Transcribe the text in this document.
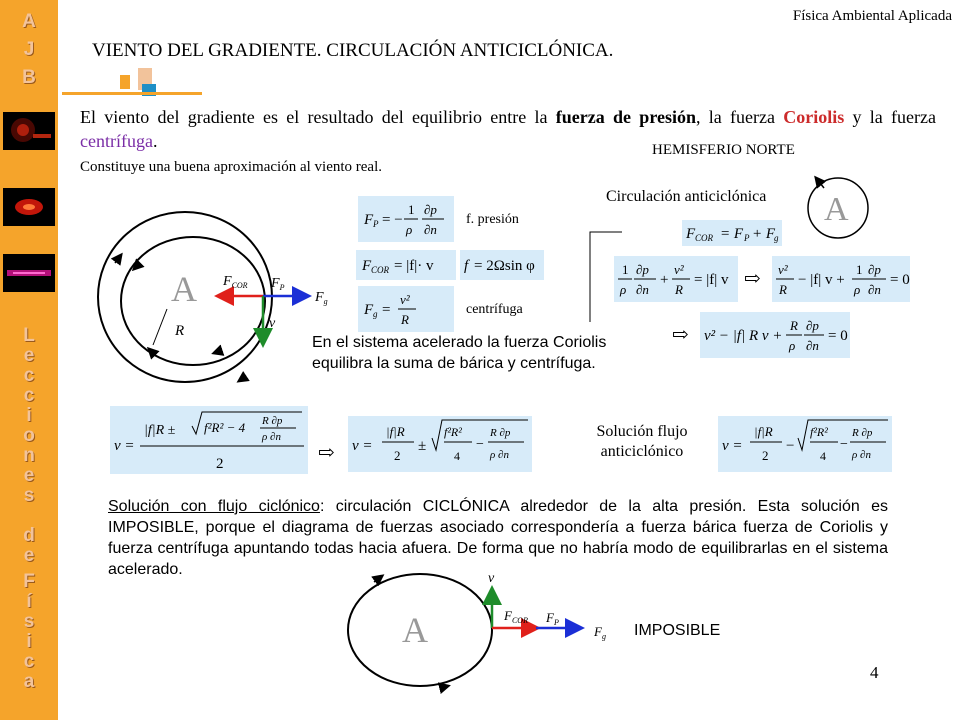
A
J
B
L
e
c
c
i
o
n
e
s
d
e
F
í
s
i
c
a
Física Ambiental Aplicada
VIENTO DEL GRADIENTE. CIRCULACIÓN ANTICICLÓNICA.
El viento del gradiente es el resultado del equilibrio entre la fuerza de presión, la fuerza Coriolis y la fuerza centrífuga.
Constituye una buena aproximación al viento real.
HEMISFERIO NORTE
Circulación anticiclónica
A
R
$F_{COR}$ $F_P$
$F_g$
v
F P = −
1
ρ
∂p
∂n
f. presión
F COR = |f|· v f = 2Ωsin φ
F g =
v²
R
centrífuga
En el sistema acelerado la fuerza Coriolis equilibra la suma de bárica y centrífuga.
A
F COR = F P + F
g
1
ρ
∂p
∂n
+
v²
R
= |f| v ⇨ v²
R
− |f| v +
1
ρ
∂p
∂n
= 0
⇨ v² − |f| R v +
R
ρ
∂p
∂n
= 0
v =
|f|R ± f²R² − 4 R ∂p
ρ ∂n
2	⇨ v =
|f|R
2
±
f²R²
4
−
R ∂p
ρ ∂n
Solución flujo anticiclónico	v =
|f|R
2
−
f²R²
4
−
R ∂p
ρ ∂n
Solución con flujo ciclónico: circulación CICLÓNICA alrededor de la alta presión. Esta solución es IMPOSIBLE, porque el diagrama de fuerzas asociado correspondería a fuerza bárica fuerza de Coriolis y fuerza centrífuga apuntando todas hacia afuera. De forma que no habría modo de equilibrarlas en el sistema acelerado.
A
v
$F_{COR}$ $F_P$
$F_g$ IMPOSIBLE
4
